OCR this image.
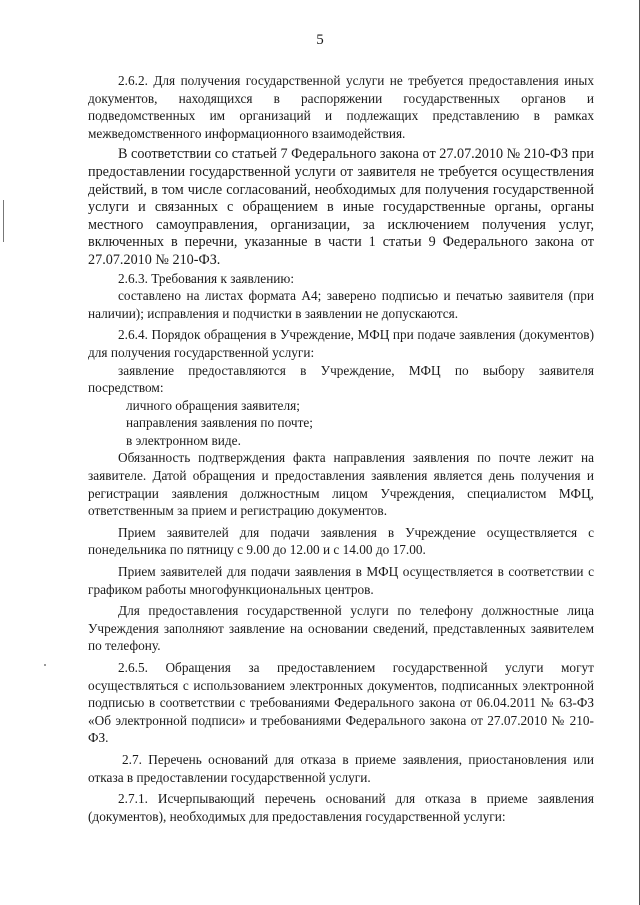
5

2.6.2. Для получения государственной услуги не требуется предоставления иных документов, находящихся в распоряжении государственных органов и подведомственных им организаций и подлежащих представлению в рамках межведомственного информационного взаимодействия.

В соответствии со статьей 7 Федерального закона от 27.07.2010 № 210-ФЗ при предоставлении государственной услуги от заявителя не требуется осуществления действий, в том числе согласований, необходимых для получения государственной услуги и связанных с обращением в иные государственные органы, органы местного самоуправления, организации, за исключением получения услуг, включенных в перечни, указанные в части 1 статьи 9 Федерального закона от 27.07.2010 № 210-ФЗ.

2.6.3. Требования к заявлению:

составлено на листах формата А4; заверено подписью и печатью заявителя (при наличии); исправления и подчистки в заявлении не допускаются.

2.6.4. Порядок обращения в Учреждение, МФЦ при подаче заявления (документов) для получения государственной услуги:

заявление предоставляются в Учреждение, МФЦ по выбору заявителя посредством:

личного обращения заявителя;

направления заявления по почте;

в электронном виде.

Обязанность подтверждения факта направления заявления по почте лежит на заявителе. Датой обращения и предоставления заявления является день получения и регистрации заявления должностным лицом Учреждения, специалистом МФЦ, ответственным за прием и регистрацию документов.

Прием заявителей для подачи заявления в Учреждение осуществляется с понедельника по пятницу с 9.00 до 12.00 и с 14.00 до 17.00.

Прием заявителей для подачи заявления в МФЦ осуществляется в соответствии с графиком работы многофункциональных центров.

Для предоставления государственной услуги по телефону должностные лица Учреждения заполняют заявление на основании сведений, представленных заявителем по телефону.

2.6.5. Обращения за предоставлением государственной услуги могут осуществляться с использованием электронных документов, подписанных электронной подписью в соответствии с требованиями Федерального закона от 06.04.2011 № 63-ФЗ «Об электронной подписи» и требованиями Федерального закона от 27.07.2010 № 210-ФЗ.

2.7. Перечень оснований для отказа в приеме заявления, приостановления или отказа в предоставлении государственной услуги.

2.7.1. Исчерпывающий перечень оснований для отказа в приеме заявления (документов), необходимых для предоставления государственной услуги:
